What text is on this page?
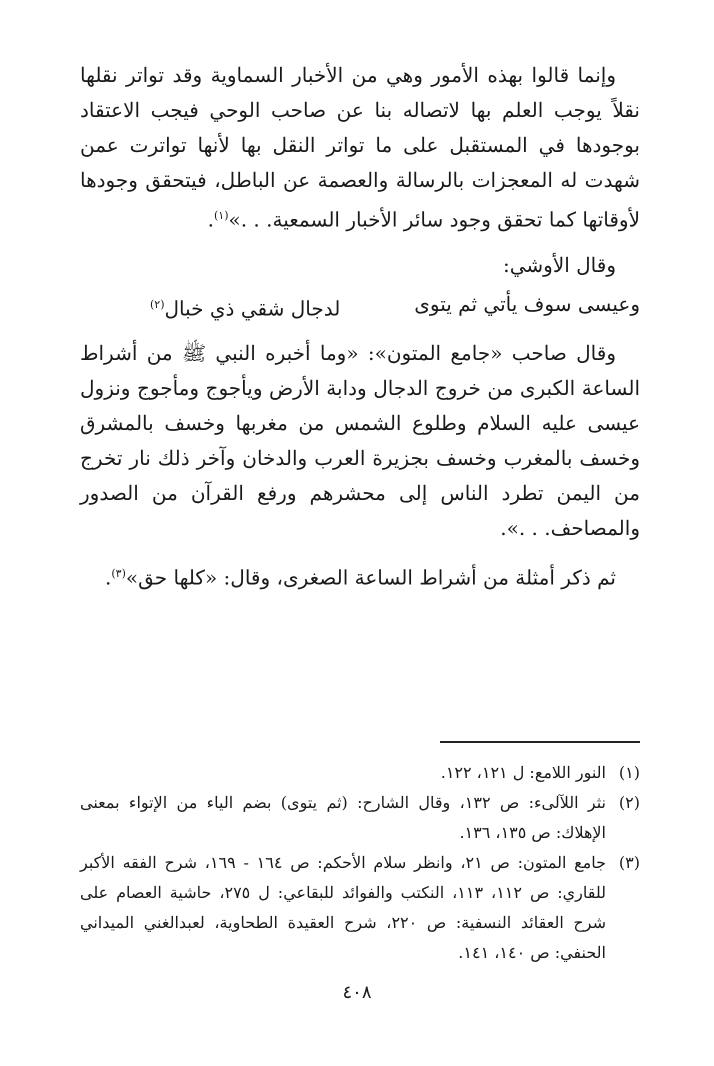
وإنما قالوا بهذه الأمور وهي من الأخبار السماوية وقد تواتر نقلها نقلاً يوجب العلم بها لاتصاله بنا عن صاحب الوحي فيجب الاعتقاد بوجودها في المستقبل على ما تواتر النقل بها لأنها تواترت عمن شهدت له المعجزات بالرسالة والعصمة عن الباطل، فيتحقق وجودها لأوقاتها كما تحقق وجود سائر الأخبار السمعية. . .»$^{(١)}$.

وقال الأوشي:

وعيسى سوف يأتي ثم يتوى
لدجال شقي ذي خبال$^{(٢)}$

وقال صاحب «جامع المتون»: «وما أخبره النبي ﷺ من أشراط الساعة الكبرى من خروج الدجال ودابة الأرض ويأجوج ومأجوج ونزول عيسى عليه السلام وطلوع الشمس من مغربها وخسف بالمشرق وخسف بالمغرب وخسف بجزيرة العرب والدخان وآخر ذلك نار تخرج من اليمن تطرد الناس إلى محشرهم ورفع القرآن من الصدور والمصاحف. . .».

ثم ذكر أمثلة من أشراط الساعة الصغرى، وقال: «كلها حق»$^{(٣)}$.

(١)
النور اللامع: ل ١٢١، ١٢٢.
(٢)
نثر اللآلىء: ص ١٣٢، وقال الشارح: (ثم يتوى) بضم الياء من الإتواء بمعنى الإهلاك: ص ١٣٥، ١٣٦.
(٣)
جامع المتون: ص ٢١، وانظر سلام الأحكم: ص ١٦٤ - ١٦٩، شرح الفقه الأكبر للقاري: ص ١١٢، ١١٣، النكتب والفوائد للبقاعي: ل ٢٧٥، حاشية العصام على شرح العقائد النسفية: ص ٢٢٠، شرح العقيدة الطحاوية، لعبدالغني الميداني الحنفي: ص ١٤٠، ١٤١.
٤٠٨
